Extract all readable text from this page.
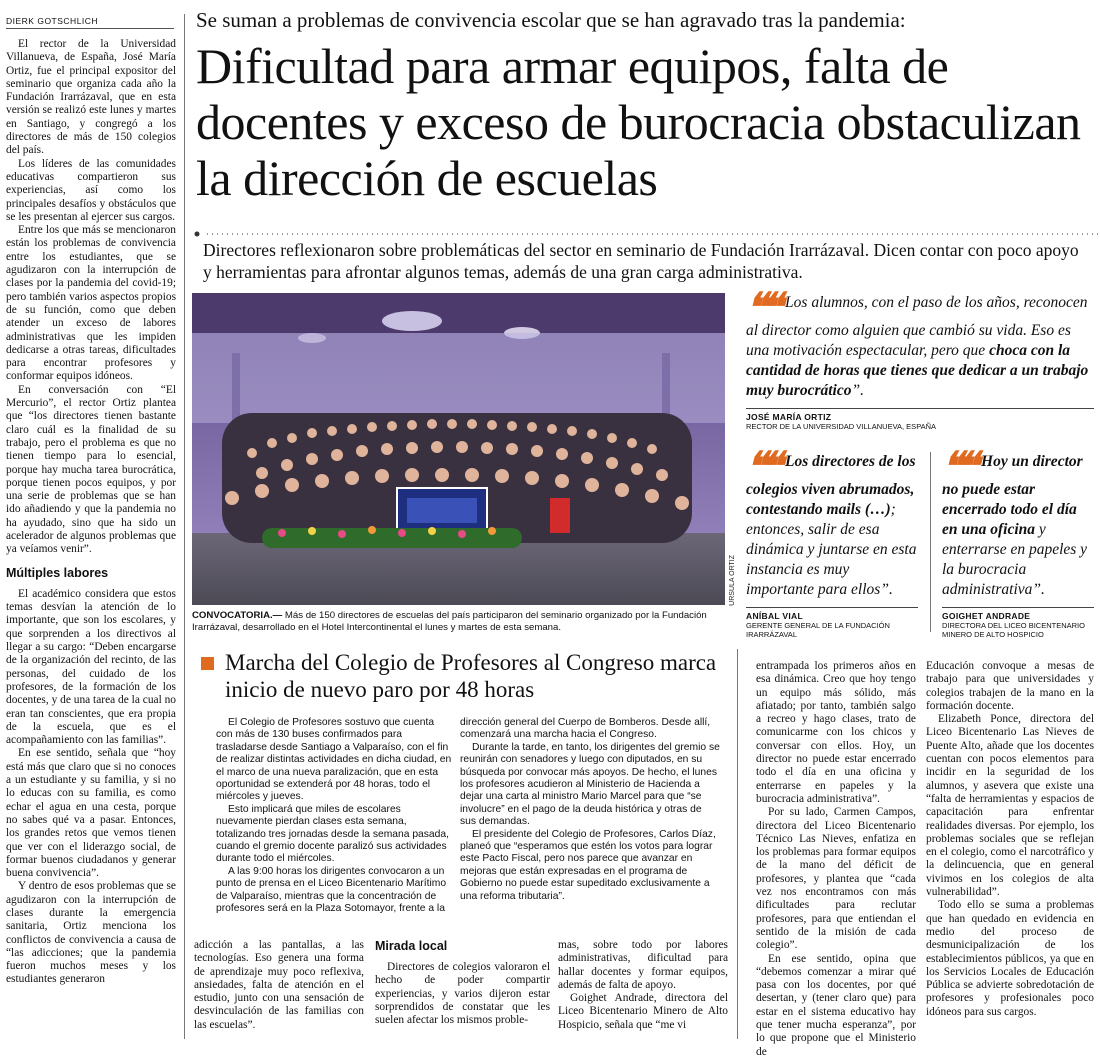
DIERK GOTSCHLICH

El rector de la Universidad Villanueva, de España, José María Ortiz, fue el principal expositor del seminario que organiza cada año la Fundación Irarrázaval, que en esta versión se realizó este lunes y martes en Santiago, y congregó a los directores de más de 150 colegios del país.

Los líderes de las comunidades educativas compartieron sus experiencias, así como los principales desafíos y obstáculos que se les presentan al ejercer sus cargos.

Entre los que más se mencionaron están los problemas de convivencia entre los estudiantes, que se agudizaron con la interrupción de clases por la pandemia del covid-19; pero también varios aspectos propios de su función, como que deben atender un exceso de labores administrativas que les impiden dedicarse a otras tareas, dificultades para encontrar profesores y conformar equipos idóneos.

En conversación con “El Mercurio”, el rector Ortiz plantea que “los directores tienen bastante claro cuál es la finalidad de su trabajo, pero el problema es que no tienen tiempo para lo esencial, porque hay mucha tarea burocrática, porque tienen pocos equipos, y por una serie de problemas que se han ido añadiendo y que la pandemia no ha ayudado, sino que ha sido un acelerador de algunos problemas que ya veíamos venir”.

Múltiples labores

El académico considera que estos temas desvían la atención de lo importante, que son los escolares, y que sorprenden a los directivos al llegar a su cargo: “Deben encargarse de la organización del recinto, de las personas, del cuidado de los profesores, de la formación de los docentes, y de una tarea de la cual no eran tan conscientes, que era propia de la escuela, que es el acompañamiento con las familias”.

En ese sentido, señala que “hoy está más que claro que si no conoces a un estudiante y su familia, y si no lo educas con su familia, es como echar el agua en una cesta, porque no sabes qué va a pasar. Entonces, los grandes retos que vemos tienen que ver con el liderazgo social, de formar buenos ciudadanos y generar buena convivencia”.

Y dentro de esos problemas que se agudizaron con la interrupción de clases durante la emergencia sanitaria, Ortiz menciona los conflictos de convivencia a causa de “las adicciones; que la pandemia fueron muchos meses y los estudiantes generaron

Se suman a problemas de convivencia escolar que se han agravado tras la pandemia:
Dificultad para armar equipos, falta de docentes y exceso de burocracia obstaculizan la dirección de escuelas
Directores reflexionaron sobre problemáticas del sector en seminario de Fundación Irarrázaval. Dicen contar con poco apoyo y herramientas para afrontar algunos temas, además de una gran carga administrativa.
URSULA ORTIZ
CONVOCATORIA.— Más de 150 directores de escuelas del país participaron del seminario organizado por la Fundación Irarrázaval, desarrollado en el Hotel Intercontinental el lunes y martes de esta semana.
❝❝ Los alumnos, con el paso de los años, reconocen al director como alguien que cambió su vida. Eso es una motivación espectacular, pero que choca con la cantidad de horas que tienes que dedicar a un trabajo muy burocrático”.
JOSÉ MARÍA ORTIZ
RECTOR DE LA UNIVERSIDAD VILLANUEVA, ESPAÑA
❝❝ Los directores de los colegios viven abrumados, contestando mails (…); entonces, salir de esa dinámica y juntarse en esta instancia es muy importante para ellos”.
ANÍBAL VIAL
GERENTE GENERAL DE LA FUNDACIÓN IRARRÁZAVAL
❝❝ Hoy un director no puede estar encerrado todo el día en una oficina y enterrarse en papeles y la burocracia administrativa”.
GOIGHET ANDRADE
DIRECTORA DEL LICEO BICENTENARIO MINERO DE ALTO HOSPICIO
Marcha del Colegio de Profesores al Congreso marca inicio de nuevo paro por 48 horas

El Colegio de Profesores sostuvo que cuenta con más de 130 buses confirmados para trasladarse desde Santiago a Valparaíso, con el fin de realizar distintas actividades en dicha ciudad, en el marco de una nueva paralización, que en esta oportunidad se extenderá por 48 horas, todo el miércoles y jueves.

Esto implicará que miles de escolares nuevamente pierdan clases esta semana, totalizando tres jornadas desde la semana pasada, cuando el gremio docente paralizó sus actividades durante todo el miércoles.

A las 9:00 horas los dirigentes convocaron a un punto de prensa en el Liceo Bicentenario Marítimo de Valparaíso, mientras que la concentración de profesores será en la Plaza Sotomayor, frente a la

dirección general del Cuerpo de Bomberos. Desde allí, comenzará una marcha hacia el Congreso.

Durante la tarde, en tanto, los dirigentes del gremio se reunirán con senadores y luego con diputados, en su búsqueda por convocar más apoyos. De hecho, el lunes los profesores acudieron al Ministerio de Hacienda a dejar una carta al ministro Mario Marcel para que “se involucre” en el pago de la deuda histórica y otras de sus demandas.

El presidente del Colegio de Profesores, Carlos Díaz, planeó que “esperamos que estén los votos para lograr este Pacto Fiscal, pero nos parece que avanzar en mejoras que están expresadas en el programa de Gobierno no puede estar supeditado exclusivamente a una reforma tributaria”.

adicción a las pantallas, a las tecnologías. Eso genera una forma de aprendizaje muy poco reflexiva, ansiedades, falta de atención en el estudio, junto con una sensación de desvinculación de las familias con las escuelas”.

Mirada local

Directores de colegios valoraron el hecho de poder compartir experiencias, y varios dijeron estar sorprendidos de constatar que les suelen afectar los mismos proble-

mas, sobre todo por labores administrativas, dificultad para hallar docentes y formar equipos, además de falta de apoyo.

Goighet Andrade, directora del Liceo Bicentenario Minero de Alto Hospicio, señala que “me vi

entrampada los primeros años en esa dinámica. Creo que hoy tengo un equipo más sólido, más afiatado; por tanto, también salgo a recreo y hago clases, trato de comunicarme con los chicos y conversar con ellos. Hoy, un director no puede estar encerrado todo el día en una oficina y enterrarse en papeles y la burocracia administrativa”.

Por su lado, Carmen Campos, directora del Liceo Bicentenario Técnico Las Nieves, enfatiza en los problemas para formar equipos de la mano del déficit de profesores, y plantea que “cada vez nos encontramos con más dificultades para reclutar profesores, para que entiendan el sentido de la misión de cada colegio”.

En ese sentido, opina que “debemos comenzar a mirar qué pasa con los docentes, por qué desertan, y (tener claro que) para estar en el sistema educativo hay que tener mucha esperanza”, por lo que propone que el Ministerio de

Educación convoque a mesas de trabajo para que universidades y colegios trabajen de la mano en la formación docente.

Elizabeth Ponce, directora del Liceo Bicentenario Las Nieves de Puente Alto, añade que los docentes cuentan con pocos elementos para incidir en la seguridad de los alumnos, y asevera que existe una “falta de herramientas y espacios de capacitación para enfrentar realidades diversas. Por ejemplo, los problemas sociales que se reflejan en el colegio, como el narcotráfico y la delincuencia, que en general vivimos en los colegios de alta vulnerabilidad”.

Todo ello se suma a problemas que han quedado en evidencia en medio del proceso de desmunicipalización de los establecimientos públicos, ya que en los Servicios Locales de Educación Pública se advierte sobredotación de profesores y profesionales poco idóneos para sus cargos.
